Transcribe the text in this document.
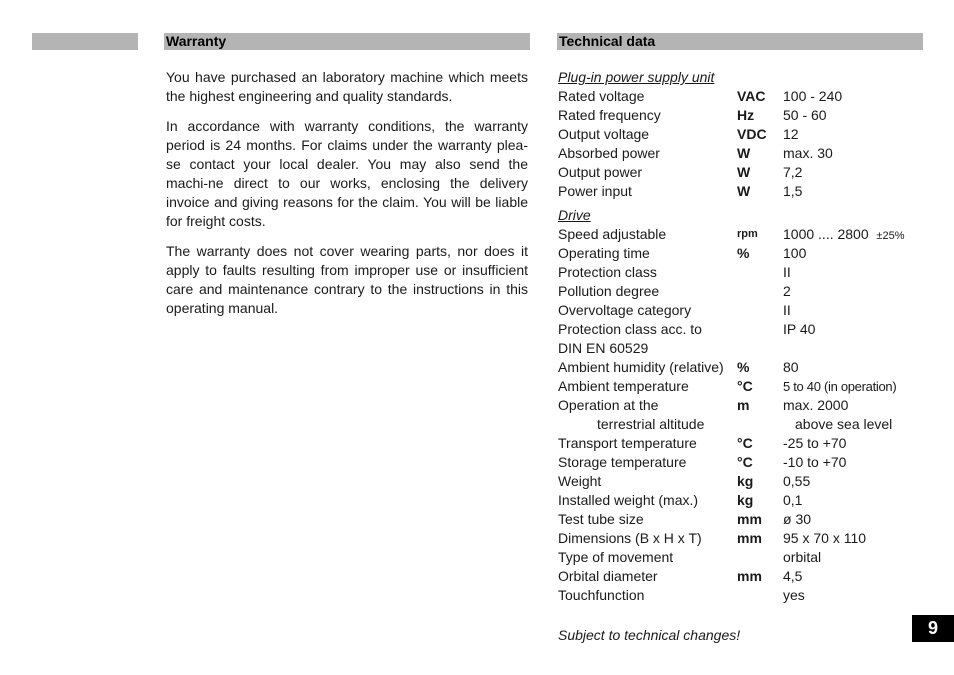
Warranty	Technical data

You have purchased an laboratory machine which meets the highest engineering and quality standards.

In accordance with warranty conditions, the warranty period is 24 months. For claims under the warranty plea-se contact your local dealer. You may also send the machi-ne direct to our works, enclosing the delivery invoice and giving reasons for the claim. You will be liable for freight costs.

The warranty does not cover wearing parts, nor does it apply to faults resulting from improper use or insufficient care and maintenance contrary to the instructions in this operating manual.

Plug-in power supply unit
Rated voltage	VAC 100 - 240
Rated frequency	Hz 50 - 60
Output voltage	VDC 12
Absorbed power	W max. 30
Output power	W 7,2
Power input	W 1,5
Drive
Speed adjustable	rpm 1000 .... 2800 ±25%
Operating time	% 100
Protection class	II
Pollution degree	2
Overvoltage category	II
Protection class acc. to	IP 40
DIN EN 60529
Ambient humidity (relative) % 80
Ambient temperature	°C 5 to 40 (in operation)
Operation at the	m max. 2000
terrestrial altitude	above sea level
Transport temperature	°C -25 to +70
Storage temperature	°C -10 to +70
Weight	kg 0,55
Installed weight (max.)	kg 0,1
Test tube size	mm ø 30
Dimensions (B x H x T)	mm 95 x 70 x 110
Type of movement	orbital
Orbital diameter	mm 4,5
Touchfunction	yes
Subject to technical changes!	9
